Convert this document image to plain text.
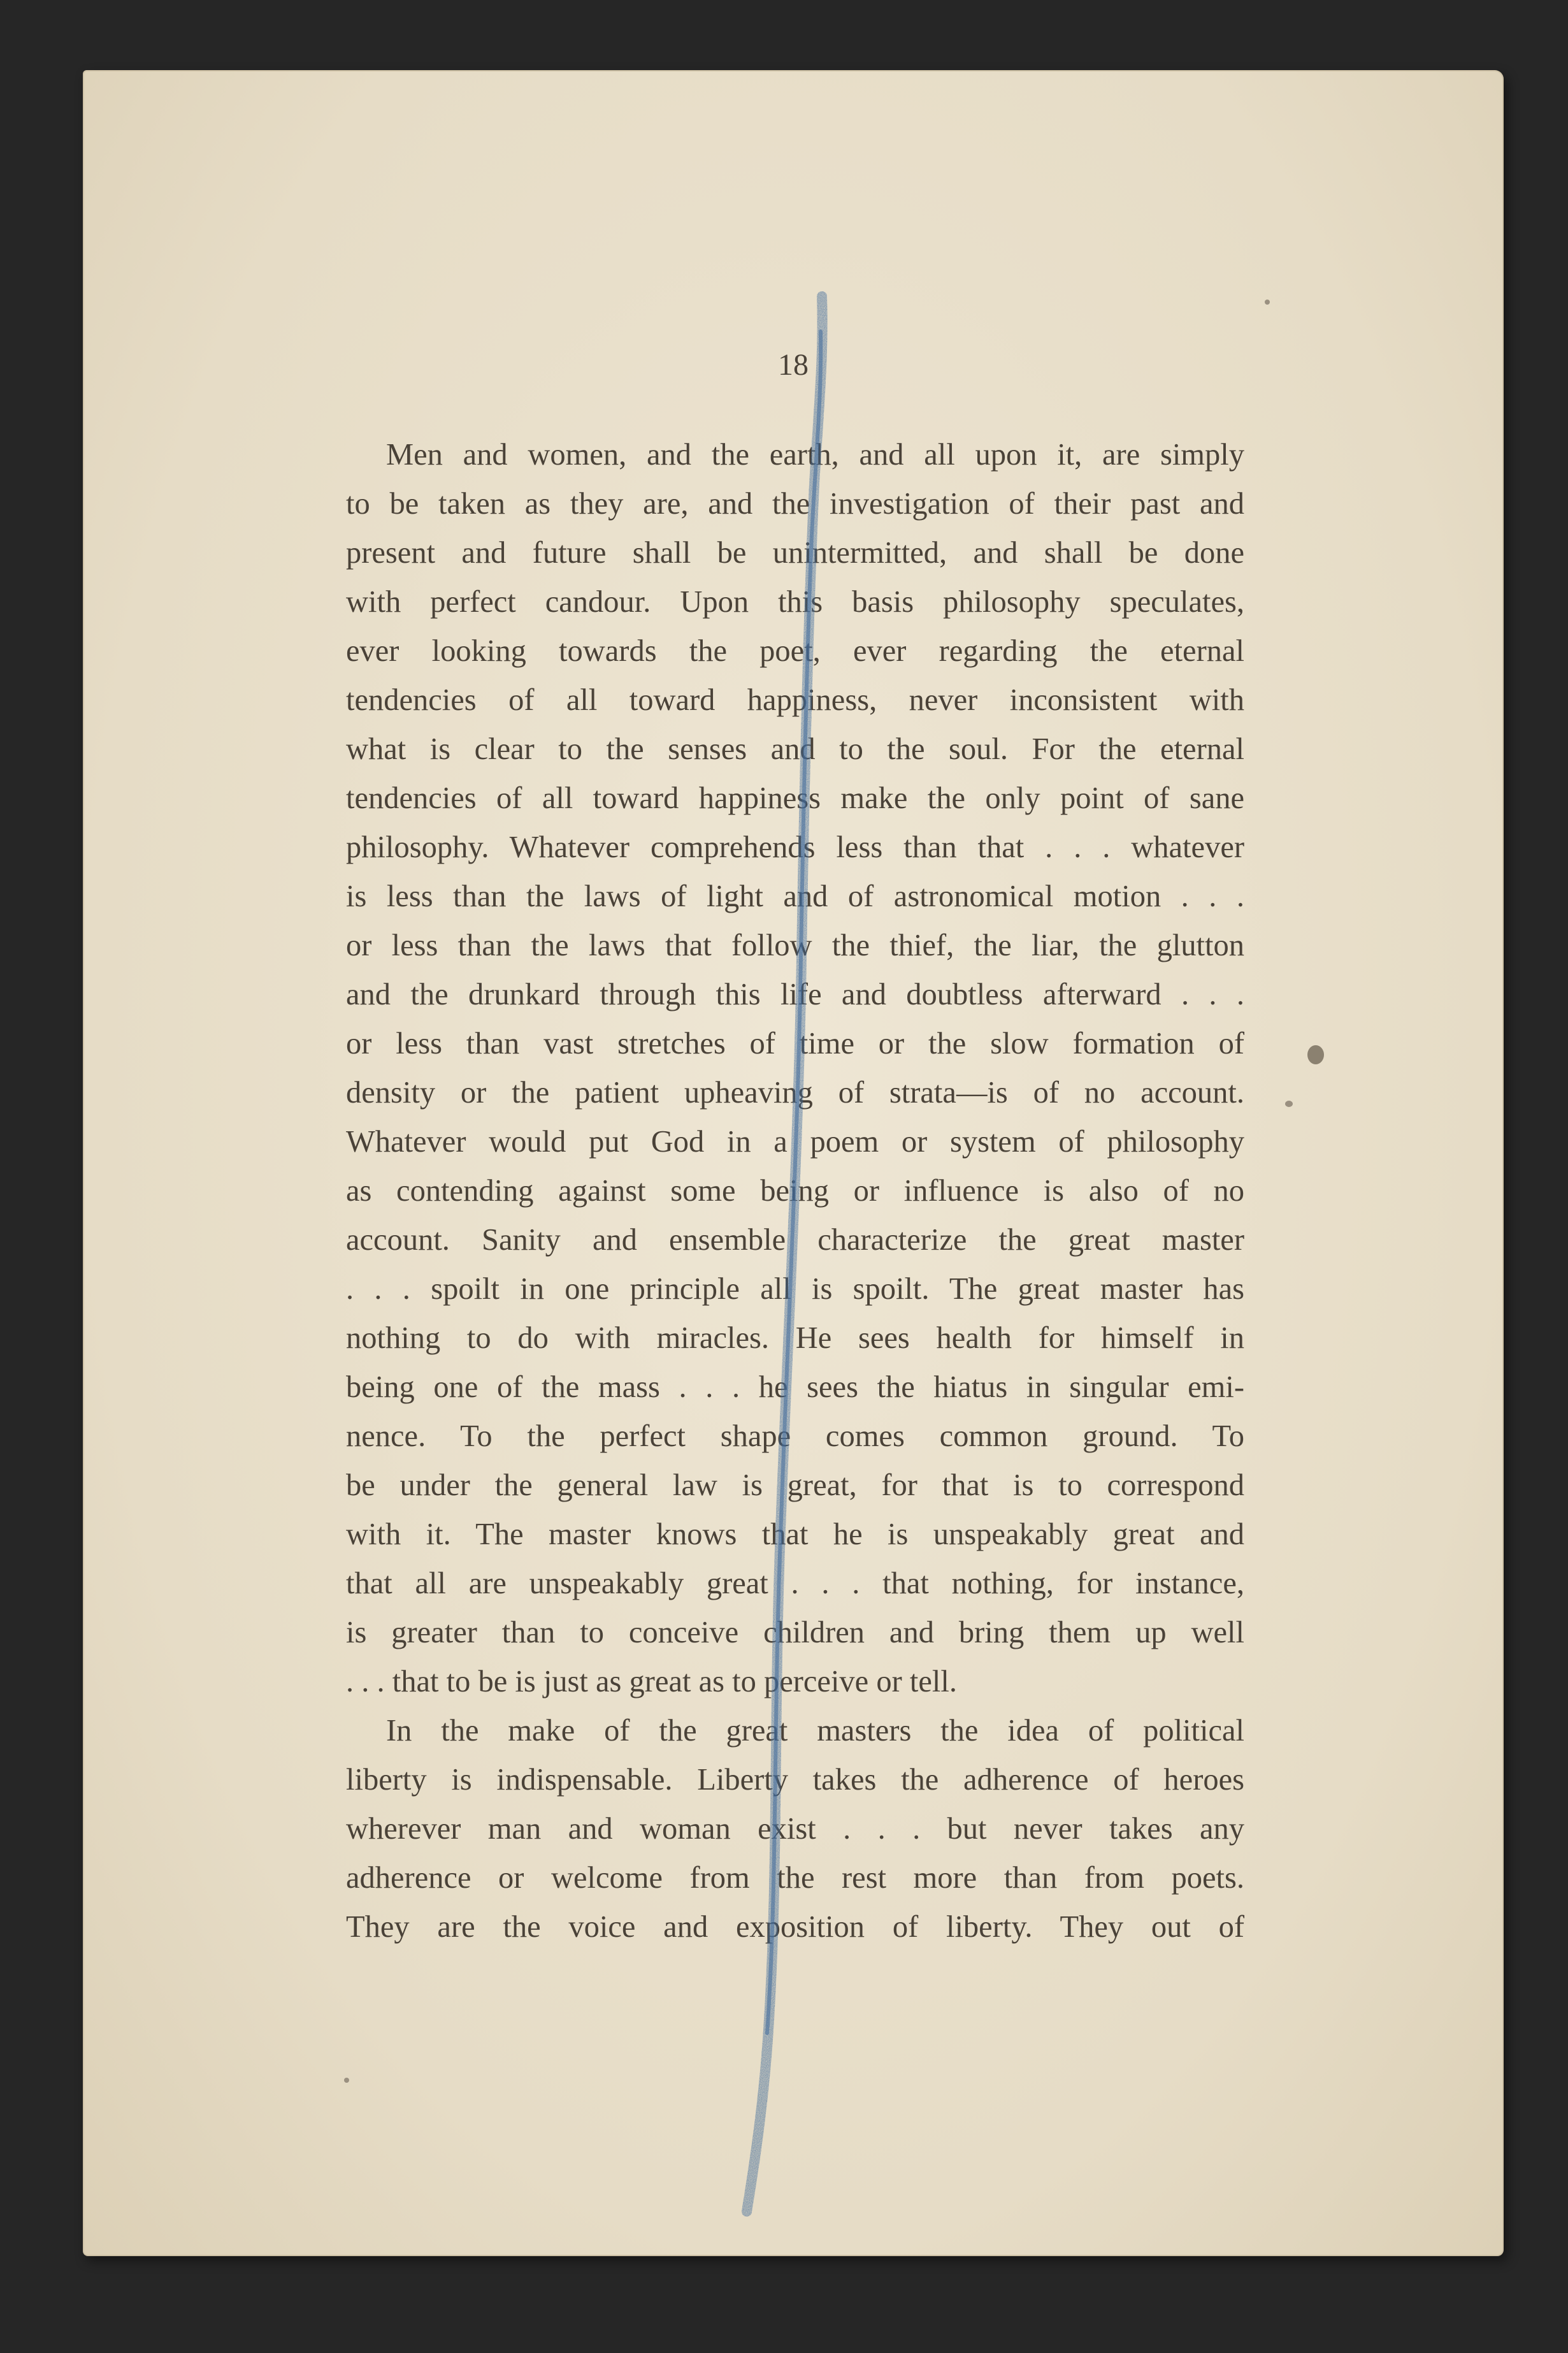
18
Men and women, and the earth, and all upon it, are simply
to be taken as they are, and the investigation of their past and
present and future shall be unintermitted, and shall be done
with perfect candour. Upon this basis philosophy speculates,
ever looking towards the poet, ever regarding the eternal
tendencies of all toward happiness, never inconsistent with
what is clear to the senses and to the soul. For the eternal
tendencies of all toward happiness make the only point of sane
philosophy. Whatever comprehends less than that . . . whatever
is less than the laws of light and of astronomical motion . . .
or less than the laws that follow the thief, the liar, the glutton
and the drunkard through this life and doubtless afterward . . .
or less than vast stretches of time or the slow formation of
density or the patient upheaving of strata—is of no account.
Whatever would put God in a poem or system of philosophy
as contending against some being or influence is also of no
account. Sanity and ensemble characterize the great master
. . . spoilt in one principle all is spoilt. The great master has
nothing to do with miracles. He sees health for himself in
being one of the mass . . . he sees the hiatus in singular emi-
nence. To the perfect shape comes common ground. To
be under the general law is great, for that is to correspond
with it. The master knows that he is unspeakably great and
that all are unspeakably great . . . that nothing, for instance,
is greater than to conceive children and bring them up well
. . . that to be is just as great as to perceive or tell.
In the make of the great masters the idea of political
liberty is indispensable. Liberty takes the adherence of heroes
wherever man and woman exist . . . but never takes any
adherence or welcome from the rest more than from poets.
They are the voice and exposition of liberty. They out of
